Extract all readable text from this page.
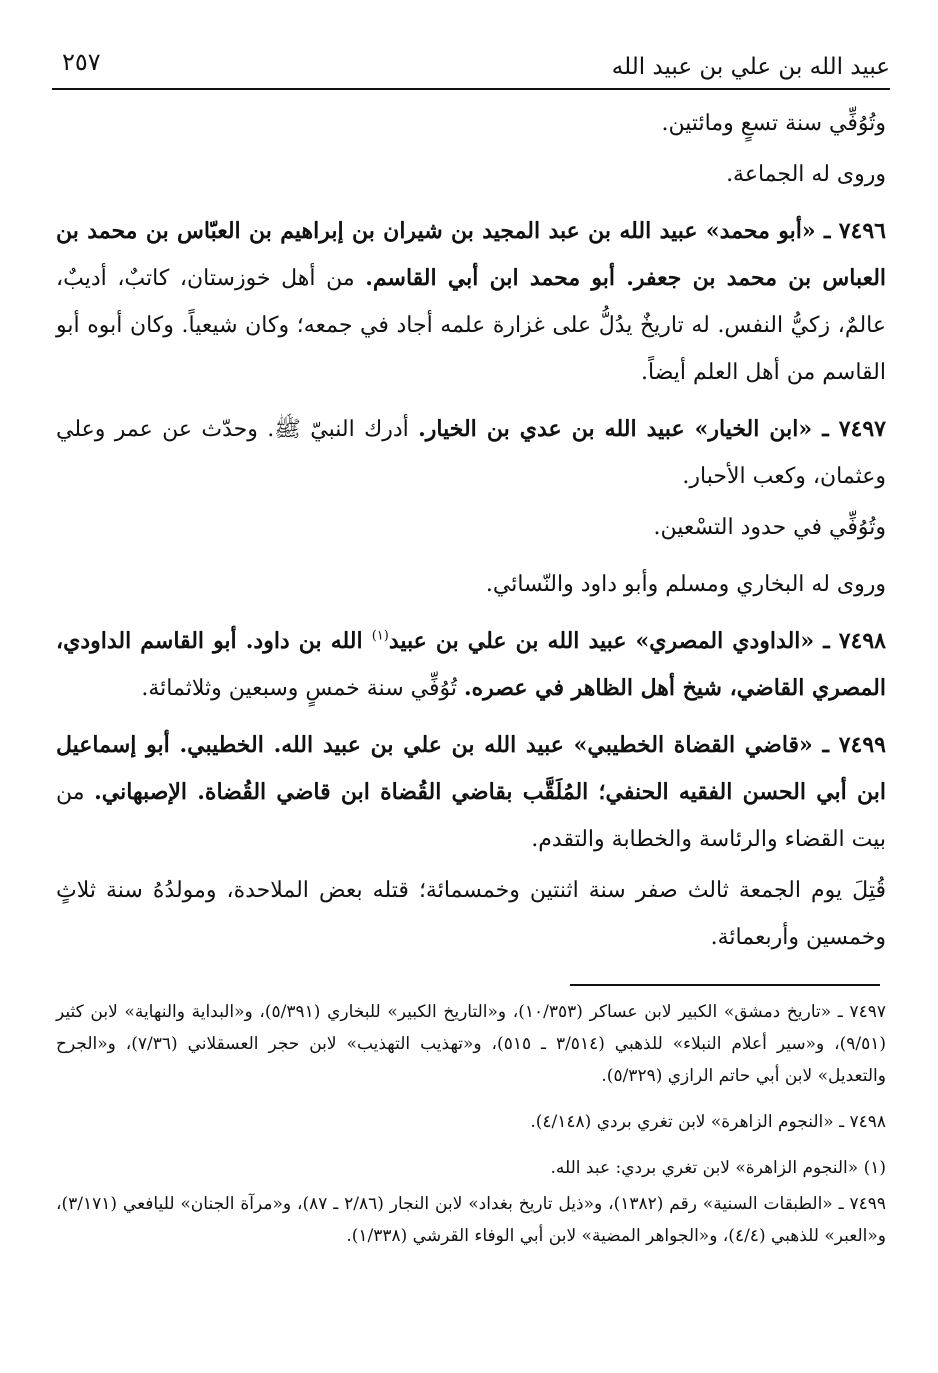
عبيد الله بن علي بن عبيد الله
٢٥٧

وتُوُفِّي سنة تسعٍ ومائتين.

وروى له الجماعة.

٧٤٩٦ ـ «أبو محمد» عبيد الله بن عبد المجيد بن شيران بن إبراهيم بن العبّاس بن محمد بن العباس بن محمد بن جعفر. أبو محمد ابن أبي القاسم. من أهل خوزستان، كاتبٌ، أديبٌ، عالمٌ، زكيُّ النفس. له تاريخٌ يدُلُّ على غزارة علمه أجاد في جمعه؛ وكان شيعياً. وكان أبوه أبو القاسم من أهل العلم أيضاً.

٧٤٩٧ ـ «ابن الخيار» عبيد الله بن عدي بن الخيار. أدرك النبيّ ﷺ. وحدّث عن عمر وعلي وعثمان، وكعب الأحبار.

وتُوُفِّي في حدود التسْعين.

وروى له البخاري ومسلم وأبو داود والنّسائي.

٧٤٩٨ ـ «الداودي المصري» عبيد الله بن علي بن عبيد$^{(١)}$ الله بن داود. أبو القاسم الداودي، المصري القاضي، شيخ أهل الظاهر في عصره. تُوُفِّي سنة خمسٍ وسبعين وثلاثمائة.

٧٤٩٩ ـ «قاضي القضاة الخطيبي» عبيد الله بن علي بن عبيد الله. الخطيبي. أبو إسماعيل ابن أبي الحسن الفقيه الحنفي؛ المُلَقَّب بقاضي القُضاة ابن قاضي القُضاة. الإصبهاني. من بيت القضاء والرئاسة والخطابة والتقدم.

قُتِلَ يوم الجمعة ثالث صفر سنة اثنتين وخمسمائة؛ قتله بعض الملاحدة، ومولدُهُ سنة ثلاثٍ وخمسين وأربعمائة.

٧٤٩٧ ـ «تاريخ دمشق» الكبير لابن عساكر (١٠/٣٥٣)، و«التاريخ الكبير» للبخاري (٥/٣٩١)، و«البداية والنهاية» لابن كثير (٩/٥١)، و«سير أعلام النبلاء» للذهبي (٣/٥١٤ ـ ٥١٥)، و«تهذيب التهذيب» لابن حجر العسقلاني (٧/٣٦)، و«الجرح والتعديل» لابن أبي حاتم الرازي (٥/٣٢٩).

٧٤٩٨ ـ «النجوم الزاهرة» لابن تغري بردي (٤/١٤٨).

(١) «النجوم الزاهرة» لابن تغري بردي: عبد الله.

٧٤٩٩ ـ «الطبقات السنية» رقم (١٣٨٢)، و«ذيل تاريخ بغداد» لابن النجار (٢/٨٦ ـ ٨٧)، و«مرآة الجنان» لليافعي (٣/١٧١)، و«العبر» للذهبي (٤/٤)، و«الجواهر المضية» لابن أبي الوفاء القرشي (١/٣٣٨).
